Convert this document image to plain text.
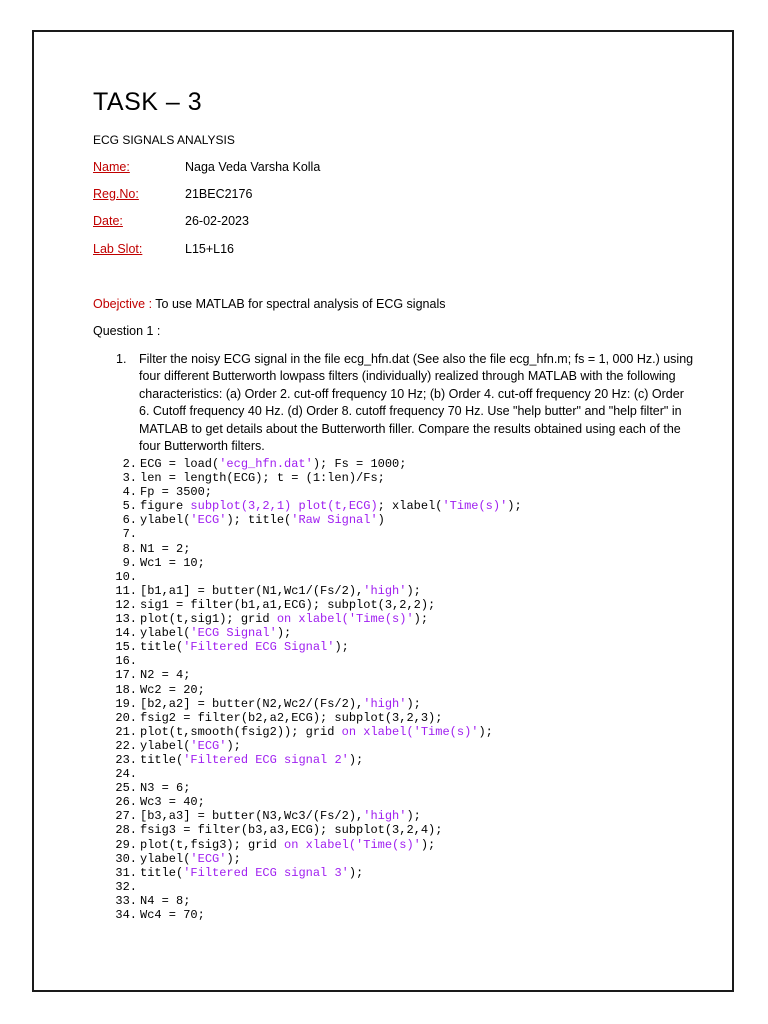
TASK – 3
ECG SIGNALS ANALYSIS
Name:	Naga Veda Varsha Kolla
Reg.No:	21BEC2176
Date:	26-02-2023
Lab Slot:	L15+L16
Obejctive : To use MATLAB for spectral analysis of ECG signals
Question 1 :
1. Filter the noisy ECG signal in the file ecg_hfn.dat (See also the file ecg_hfn.m; fs = 1, 000 Hz.) using four different Butterworth lowpass filters (individually) realized through MATLAB with the following characteristics: (a) Order 2. cut-off frequency 10 Hz; (b) Order 4. cut-off frequency 20 Hz: (c) Order 6. Cutoff frequency 40 Hz. (d) Order 8. cutoff frequency 70 Hz. Use "help butter" and "help filter" in MATLAB to get details about the Butterworth filler. Compare the results obtained using each of the four Butterworth filters.
2. ECG = load('ecg_hfn.dat'); Fs = 1000;
3. len = length(ECG); t = (1:len)/Fs;
4. Fp = 3500;
5. figure subplot(3,2,1) plot(t,ECG); xlabel('Time(s)');
6. ylabel('ECG'); title('Raw Signal')
7.
8. N1 = 2;
9. Wc1 = 10;
10.
11. [b1,a1] = butter(N1,Wc1/(Fs/2),'high');
12. sig1 = filter(b1,a1,ECG); subplot(3,2,2);
13. plot(t,sig1); grid on xlabel('Time(s)');
14. ylabel('ECG Signal');
15. title('Filtered ECG Signal');
16.
17. N2 = 4;
18. Wc2 = 20;
19. [b2,a2] = butter(N2,Wc2/(Fs/2),'high');
20. fsig2 = filter(b2,a2,ECG); subplot(3,2,3);
21. plot(t,smooth(fsig2)); grid on xlabel('Time(s)');
22. ylabel('ECG');
23. title('Filtered ECG signal 2');
24.
25. N3 = 6;
26. Wc3 = 40;
27. [b3,a3] = butter(N3,Wc3/(Fs/2),'high');
28. fsig3 = filter(b3,a3,ECG); subplot(3,2,4);
29. plot(t,fsig3); grid on xlabel('Time(s)');
30. ylabel('ECG');
31. title('Filtered ECG signal 3');
32.
33. N4 = 8;
34. Wc4 = 70;
